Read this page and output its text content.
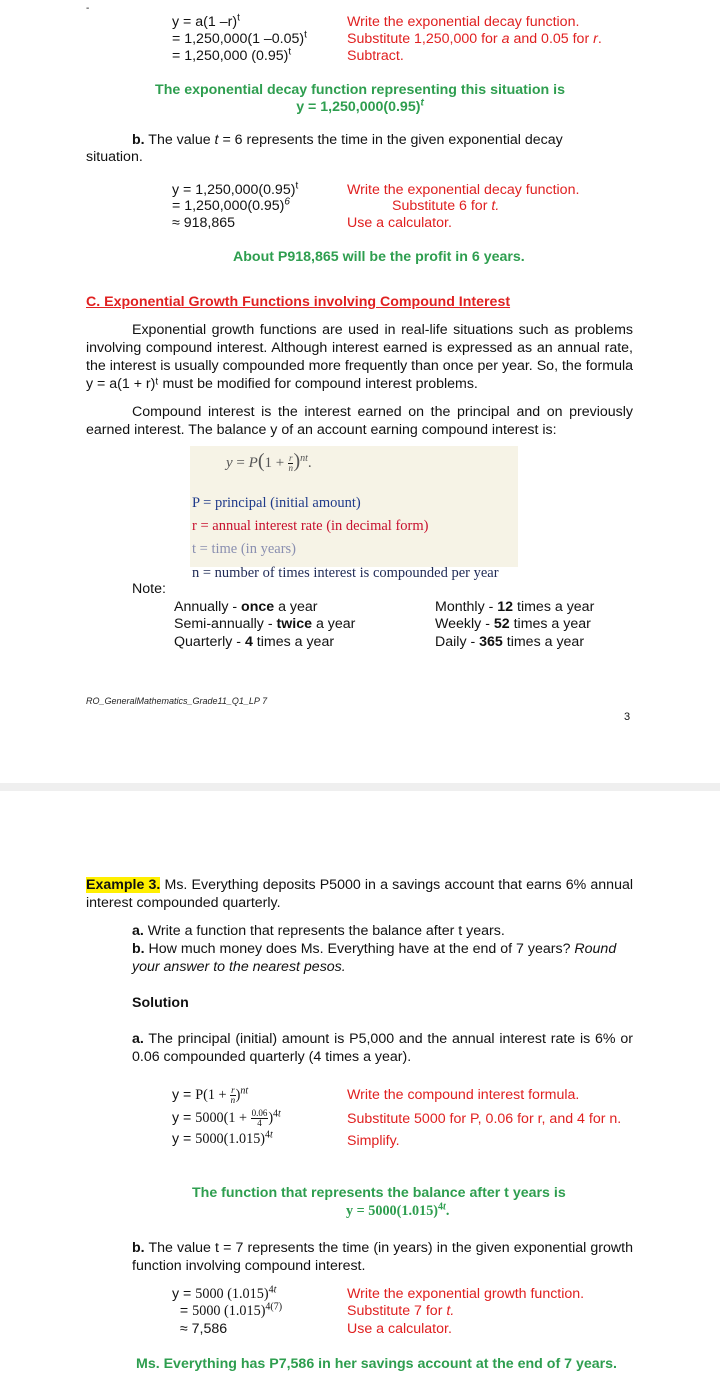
-
y = a(1 –r)$^t$
= 1,250,000(1 –0.05)$^t$
= 1,250,000 $(0.95)^t$
Write the exponential decay function.
Substitute 1,250,000 for a and 0.05 for r.
Subtract.
The exponential decay function representing this situation is
$y = 1,250,000(0.95)^t$
b. The value t = 6 represents the time in the given exponential decay
situation.
$y = 1,250,000(0.95)^t$
= $1,250,000(0.95)^6$
≈ 918,865
Write the exponential decay function.
Substitute 6 for t.
Use a calculator.
About P918,865 will be the profit in 6 years.
C. Exponential Growth Functions involving Compound Interest
Exponential growth functions are used in real-life situations such as problems involving compound interest. Although interest earned is expressed as an annual rate, the interest is usually compounded more frequently than once per year. So, the formula y = a(1 + r)ᵗ must be modified for compound interest problems.
Compound interest is the interest earned on the principal and on previously earned interest. The balance y of an account earning compound interest is:
$y = P(1 + \frac{r}{n} )^{nt}$.
P = principal (initial amount)
r = annual interest rate (in decimal form)
t = time (in years)
n = number of times interest is compounded per year
Note:
Annually - once a year
Semi-annually - twice a year
Quarterly - 4 times a year
Monthly - 12 times a year
Weekly - 52 times a year
Daily - 365 times a year
RO_GeneralMathematics_Grade11_Q1_LP 7
3
Example 3. Ms. Everything deposits P5000 in a savings account that earns 6% annual interest compounded quarterly.
a. Write a function that represents the balance after t years.
b. How much money does Ms. Everything have at the end of 7 years? Round your answer to the nearest pesos.
Solution
a. The principal (initial) amount is P5,000 and the annual interest rate is 6% or 0.06 compounded quarterly (4 times a year).
$y = P(1 + \frac{r}{n} )^{nt}$
$y = 5000(1 + \frac{0.06}{4} )^{4t}$
$y = 5000(1.015)^{4t}$
Write the compound interest formula.
Substitute 5000 for P, 0.06 for r, and 4 for n.
Simplify.
The function that represents the balance after t years is
$y = 5000(1.015)^{4t}$.
b. The value t = 7 represents the time (in years) in the given exponential growth function involving compound interest.
y = 5000 $(1.015)^{4t}$
= 5000 $(1.015)^{4(7)}$
≈ 7,586
Write the exponential growth function.
Substitute 7 for t.
Use a calculator.
Ms. Everything has P7,586 in her savings account at the end of 7 years.
